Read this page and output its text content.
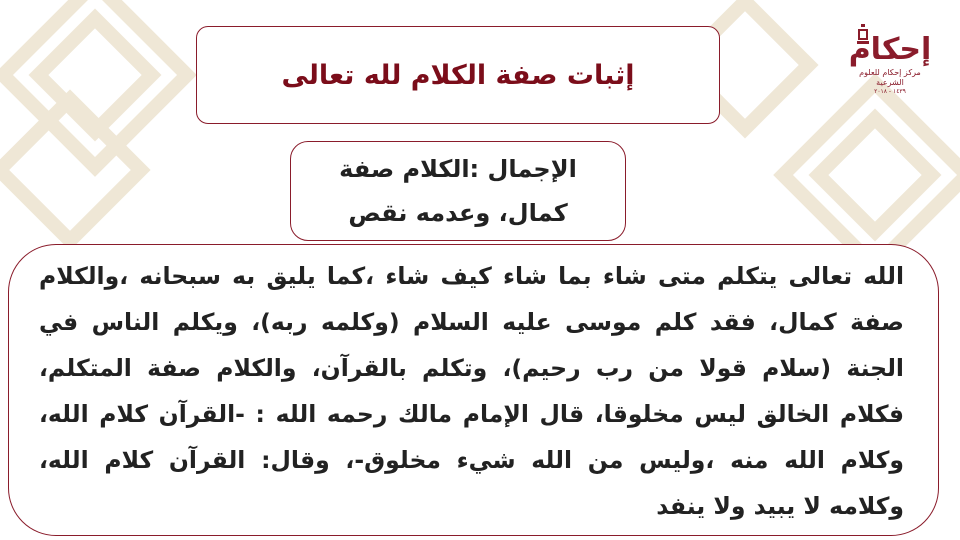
إثبات صفة الكلام لله تعالى
إحكام
مركز إحكام للعلوم الشرعية
١٤٣٩ - ٢٠١٨
الإجمال :الكلام صفة كمال، وعدمه نقص

الله تعالى يتكلم متى شاء بما شاء كيف شاء ،كما يليق به سبحانه ،والكلام صفة كمال، فقد كلم موسى عليه السلام (وكلمه ربه)، ويكلم الناس في الجنة (سلام قولا من رب رحيم)، وتكلم بالقرآن، والكلام صفة المتكلم، فكلام الخالق ليس مخلوقا، قال الإمام مالك رحمه الله : -القرآن كلام الله، وكلام الله منه ،وليس من الله شيء مخلوق-، وقال: القرآن كلام الله، وكلامه لا يبيد ولا ينفد
